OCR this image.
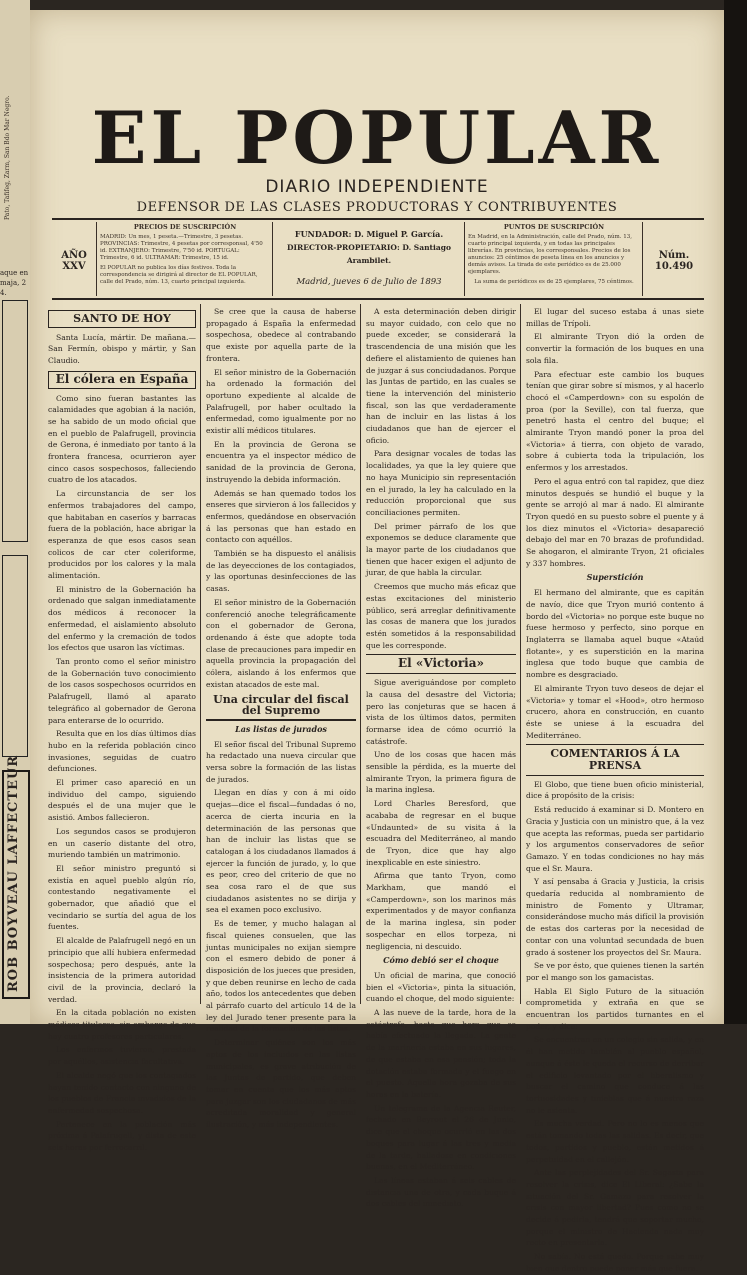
Pato, Tafifeg, Zarm, San Bdo Mar Negro.
aque en maja, 24.
ROB BOYVEAU LAFFECTEUR
EL POPULAR
DIARIO INDEPENDIENTE
DEFENSOR DE LAS CLASES PRODUCTORAS Y CONTRIBUYENTES
AÑO XXV
PRECIOS DE SUSCRIPCIÓN
MADRID: Un mes, 1 peseta.—Trimestre, 3 pesetas. PROVINCIAS: Trimestre, 4 pesetas por corresponsal, 4'50 id. EXTRANJERO: Trimestre, 7'50 id. PORTUGAL: Trimestre, 6 id. ULTRAMAR: Trimestre, 15 id.
El POPULAR no publica los días festivos. Toda la correspondencia se dirigirá al director de EL POPULAR, calle del Prado, núm. 13, cuarto principal izquierda.
FUNDADOR: D. Miguel P. García.
DIRECTOR-PROPIETARIO: D. Santiago Arambilet.
Madrid, jueves 6 de Julio de 1893
PUNTOS DE SUSCRIPCIÓN
En Madrid, en la Administración, calle del Prado, núm. 13, cuarto principal izquierda, y en todas las principales librerías. En provincias, los corresponsales. Precios de los anuncios: 25 céntimos de peseta línea en los anuncios y demás avisos. La tirada de este periódico es de 25.000 ejemplares.
La suma de periódicos es de 25 ejemplares, 75 céntimos.
Núm. 10.490
SANTO DE HOY

Santa Lucía, mártir. De mañana.—San Fermín, obispo y mártir, y San Claudio.

El cólera en España

Como sino fueran bastantes las calamidades que agobian á la nación, se ha sabido de un modo oficial que en el pueblo de Palafrugell, provincia de Gerona, é inmediato por tanto á la frontera francesa, ocurrieron ayer cinco casos sospechosos, falleciendo cuatro de los atacados.

La circunstancia de ser los enfermos trabajadores del campo, que habitaban en caseríos y barracas fuera de la población, hace abrigar la esperanza de que esos casos sean colicos de car cter coleriforme, producidos por los calores y la mala alimentación.

El ministro de la Gobernación ha ordenado que salgan inmediatamente dos médicos á reconocer la enfermedad, el aislamiento absoluto del enfermo y la cremación de todos los efectos que usaron las víctimas.

Tan pronto como el señor ministro de la Gobernación tuvo conocimiento de los casos sospechosos ocurridos en Palafrugell, llamó al aparato telegráfico al gobernador de Gerona para enterarse de lo ocurrido.

Resulta que en los días últimos días hubo en la referida población cinco invasiones, seguidas de cuatro defunciones.

El primer caso apareció en un individuo del campo, siguiendo después el de una mujer que le asistió. Ambos fallecieron.

Los segundos casos se produjeron en un caserío distante del otro, muriendo también un matrimonio.

El señor ministro preguntó si existía en aquel pueblo algún río, contestando negativamente el gobernador, que añadió que el vecindario se surtía del agua de los fuentes.

El alcalde de Palafrugell negó en un principio que allí hubiera enfermedad sospechosa; pero después, ante la insistencia de la primera autoridad civil de la provincia, declaró la verdad.

En la citada población no existen médicos titulares, sin embargo de que hay cuatro profesores particulares.

Los enfermos tuvieron, prestada por aquéllos, asistencia facultativa.

El alcalde negó que los contagiados hayan tenido contacto con ninguno de los pueblos de Francia invadidos de la enfermedad sospechosa.

Pertenece en la población más próxima á Palafrugell, y dista de este seis horas por ferrocarril.

Se cree que la causa de haberse propagado á España la enfermedad sospechosa, obedece al contrabando que existe por aquella parte de la frontera.

El señor ministro de la Gobernación ha ordenado la formación del oportuno expediente al alcalde de Palafrugell, por haber ocultado la enfermedad, como igualmente por no existir allí médicos titulares.

En la provincia de Gerona se encuentra ya el inspector médico de sanidad de la provincia de Gerona, instruyendo la debida información.

Además se han quemado todos los enseres que sirvieron á los fallecidos y enfermos, quedándose en observación á las personas que han estado en contacto con aquéllos.

También se ha dispuesto el análisis de las deyecciones de los contagiados, y las oportunas desinfecciones de las casas.

El señor ministro de la Gobernación conferenció anoche telegráficamente con el gobernador de Gerona, ordenando á éste que adopte toda clase de precauciones para impedir en aquella provincia la propagación del cólera, aislando á los enfermos que existan atacados de este mal.

Una circular del fiscal del Supremo
Las listas de jurados

El señor fiscal del Tribunal Supremo ha redactado una nueva circular que versa sobre la formación de las listas de jurados.

Llegan en días y con á mi oído quejas—dice el fiscal—fundadas ó no, acerca de cierta incuria en la determinación de las personas que han de incluir las listas que se catalogan á los ciudadanos llamados á ejercer la función de jurado, y, lo que es peor, creo del criterio de que no sea cosa raro el de que sus ciudadanos asistentes no se dirija y sea el examen poco exclusivo.

Es de temer, y mucho halagan al fiscal quienes consuelen, que las juntas municipales no exijan siempre con el esmero debido de poner á disposición de los jueces que presiden, y que deben reunirse en lecho de cada año, todos los antecedentes que deben al párrafo cuarto del artículo 14 de la ley del Jurado tener presente para la realidad de la formación de las listas.

Determinar quiénes son los más aptos de los incluidos en las listas municipales, es grave atribución de las Juntas de partido, que deben tomar en cuenta que los más aptos para juzgar son los ciudadanos de más acreditada moralidad y general ilustración, y más independientes.

A esta determinación deben dirigir su mayor cuidado, con celo que no puede exceder, se considerará la trascendencia de una misión que les defiere el alistamiento de quienes han de juzgar á sus conciudadanos. Porque las Juntas de partido, en las cuales se tiene la intervención del ministerio fiscal, son las que verdaderamente han de incluir en las listas á los ciudadanos que han de ejercer el oficio.

Para designar vocales de todas las localidades, ya que la ley quiere que no haya Municipio sin representación en el jurado, la ley ha calculado en la reducción proporcional que sus conciliaciones permiten.

Del primer párrafo de los que exponemos se deduce claramente que la mayor parte de los ciudadanos que tienen que hacer exigen el adjunto de jurar, de que habla la circular.

Creemos que mucho más eficaz que estas excitaciones del ministerio público, será arreglar definitivamente las cosas de manera que los jurados estén sometidos á la responsabilidad que les corresponde.

El «Victoria»

Sigue averiguándose por completo la causa del desastre del Victoria; pero las conjeturas que se hacen á vista de los últimos datos, permiten formarse idea de cómo ocurrió la catástrofe.

Uno de los cosas que hacen más sensible la pérdida, es la muerte del almirante Tryon, la primera figura de la marina inglesa.

Lord Charles Beresford, que acababa de regresar en el buque «Undaunted» de su visita á la escuadra del Mediterráneo, al mando de Tryon, dice que hay algo inexplicable en este siniestro.

Afirma que tanto Tryon, como Markham, que mandó el «Camperdown», son los marinos más experimentados y de mayor confianza de la marina inglesa, sin poder sospechar en ellos torpeza, ni negligencia, ni descuido.

Cómo debió ser el choque

Un oficial de marina, que conoció bien el «Victoria», pinta la situación, cuando el choque, del modo siguiente:

A las nueve de la tarde, hora de la catástrofe, hasta que hora que se había efectuado la llegada. La gente de la marinería estaba en sus lugares, de que estaba en esa pensión; toda la dotación estaba formada y el fuego en el puesto. Aquella hora gozaba de sus horas en la batería.

Un telegrama de la Agencia Reuter, fechado en Beyrout el 26 de Junio, dice que el choque ocurrió en las dos boques para lugar á las tres y media de la tarde, halladose en condiciones buenas, en el Mediterráneo.

Las líneas estaban á seis cables de distancia una de otra, y cada buque á dos cables del inmediato.

El lugar del suceso estaba á unas siete millas de Trípoli.

El almirante Tryon dió la orden de convertir la formación de los buques en una sola fila.

Para efectuar este cambio los buques tenían que girar sobre sí mismos, y al hacerlo chocó el «Camperdown» con su espolón de proa (por la Seville), con tal fuerza, que penetró hasta el centro del buque; el almirante Tryon mandó poner la proa del «Victoria» á tierra, con objeto de varado, sobre á cubierta toda la tripulación, los enfermos y los arrestados.

Pero el agua entró con tal rapidez, que diez minutos después se hundió el buque y la gente se arrojó al mar á nado. El almirante Tryon quedó en su puesto sobre el puente y á los diez minutos el «Victoria» desapareció debajo del mar en 70 brazas de profundidad. Se ahogaron, el almirante Tryon, 21 oficiales y 337 hombres.

Superstición

El hermano del almirante, que es capitán de navío, dice que Tryon murió contento á bordo del «Victoria» no porque este buque no fuese hermoso y perfecto, sino porque en Inglaterra se llamaba aquel buque «Ataúd flotante», y es superstición en la marina inglesa que todo buque que cambia de nombre es desgraciado.

El almirante Tryon tuvo deseos de dejar el «Victoria» y tomar el «Hood», otro hermoso crucero, ahora en construcción, en cuanto éste se uniese á la escuadra del Mediterráneo.

COMENTARIOS Á LA PRENSA

El Globo, que tiene buen oficio ministerial, dice á propósito de la crisis:

Está reducido á examinar si D. Montero en Gracia y Justicia con un ministro que, á la vez que acepta las reformas, pueda ser partidario y los argumentos conservadores de señor Gamazo. Y en todas condiciones no hay más que el Sr. Maura.

Y así pensaba á Gracia y Justicia, la crisis quedaría reducida al nombramiento de ministro de Fomento y Ultramar, considerándose mucho más difícil la provisión de estas dos carteras por la necesidad de contar con una voluntad secundada de buen grado á sostener los proyectos del Sr. Maura.

Se ve por ésto, que quienes tienen la sartén por el mango son los gamacistas.

Habla El Siglo Futuro de la situación comprometida y extraña en que se encuentran los partidos turnantes en el poder, y dice:

Se encuentran en un colegio sin salida, y en él han metido también al pueblo español, aunque á éste le queda el recurso de derribar el edificio levantado por el liberalismo y buscar el camino que conduce á las tortuosidades y tinieblas que á nuestra raza no le asienta.

Es mucha verdad. Pero no lo es menos que están tomando todas las salidas. Es decir, que todos, partidos y pueblo, están metidos á perpetuidad en el callejón.

Ante las perplejidades del Sr. Sagasta para resolver la crisis, dice El Liberal: ¿Sabe la situación del Sr. Gamazo para resolver la crisis con mayor libertad? Pues como no se decide á pedirla, tendrá que soportar mucho, porque el ministro de Hacienda nada muy recto en presentarla.

No sabía. No está quedo. Porque sabe muy bien que dentro puede poner más que fuera.
